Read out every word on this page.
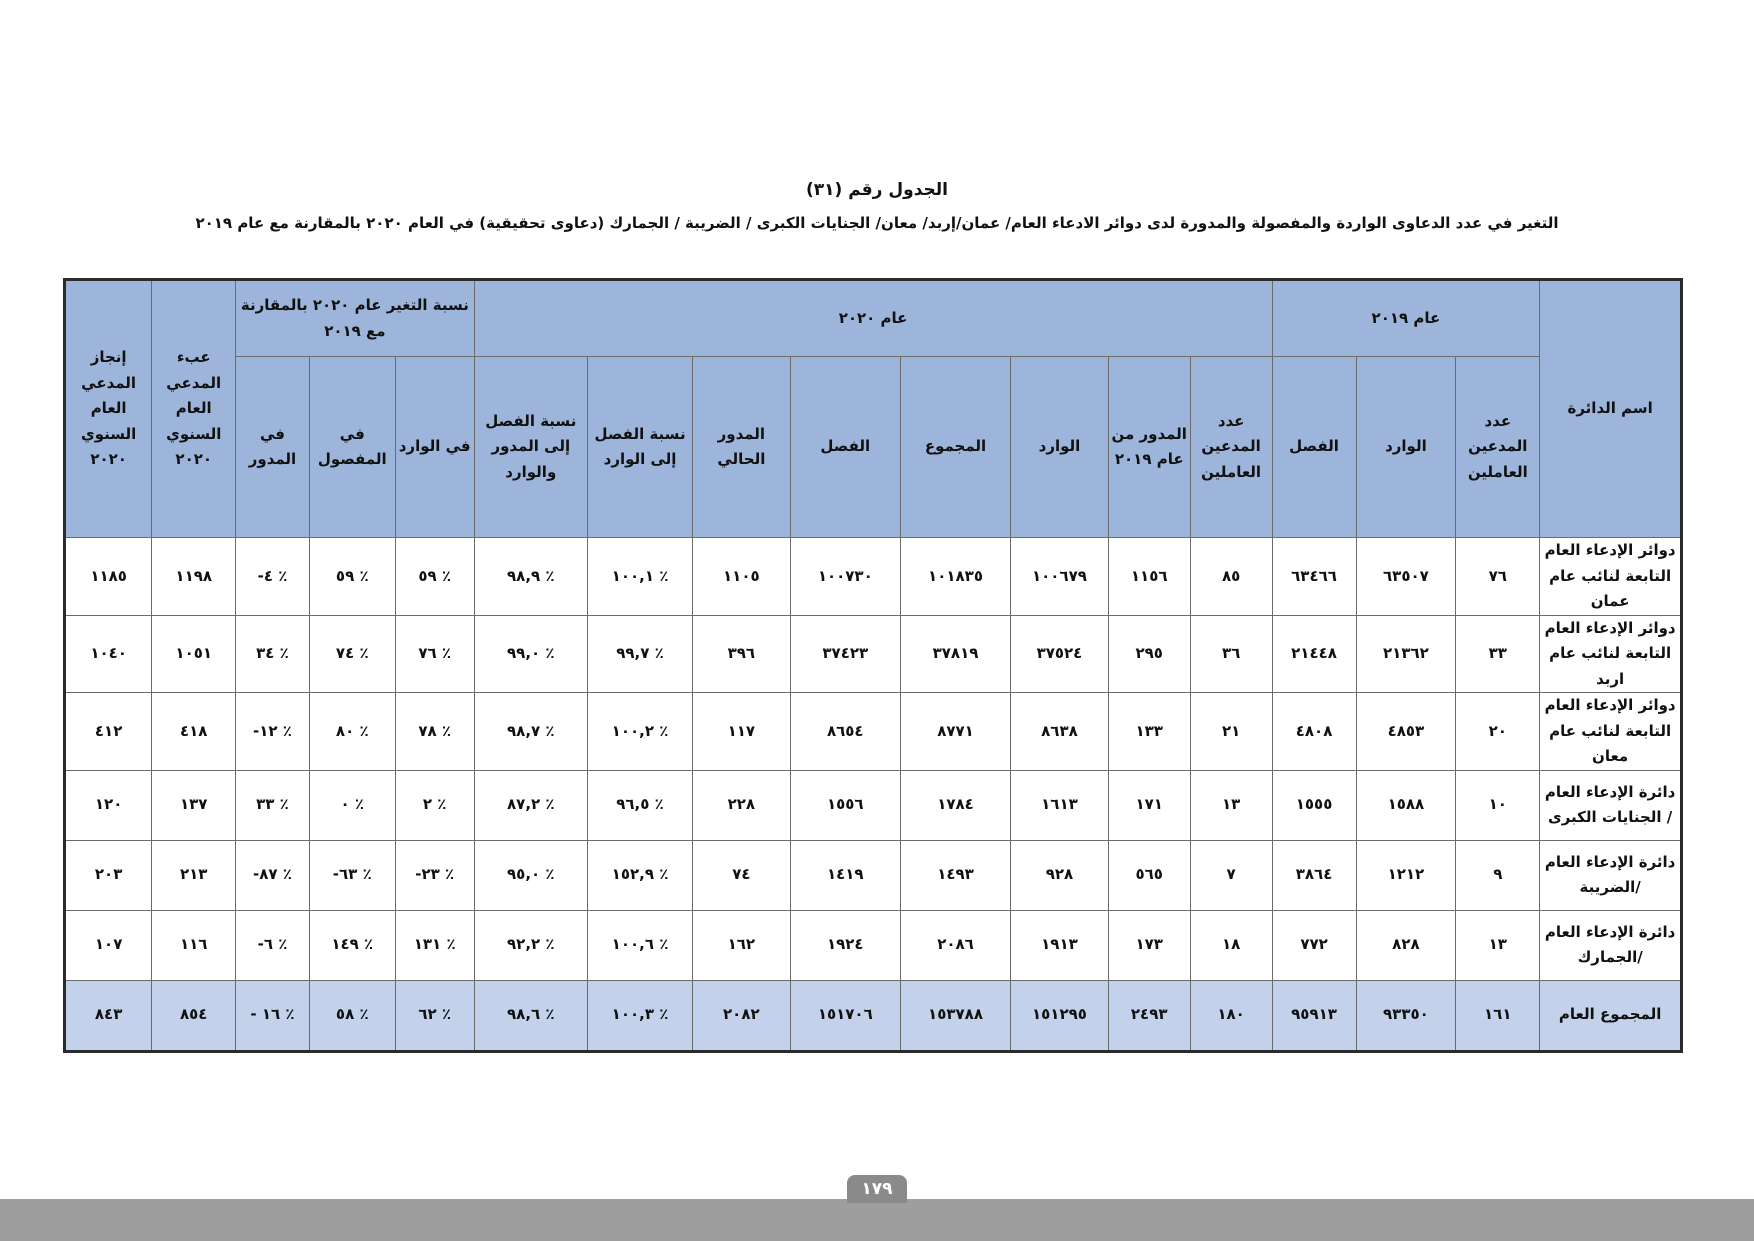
الجدول رقم (٣١)
التغير في عدد الدعاوى الواردة والمفصولة والمدورة لدى دوائر الادعاء العام/ عمان/إربد/ معان/ الجنايات الكبرى / الضريبة / الجمارك (دعاوى تحقيقية) في العام ٢٠٢٠ بالمقارنة مع عام ٢٠١٩
اسم الدائرة	عام ٢٠١٩			عام ٢٠٢٠								نسبة التغير عام ٢٠٢٠ بالمقارنة مع ٢٠١٩			عبء المدعي العام السنوي ٢٠٢٠	إنجاز المدعي العام السنوي ٢٠٢٠
	عدد المدعين العاملين	الوارد	الفصل	عدد المدعين العاملين	المدور من عام ٢٠١٩	الوارد	المجموع	الفصل	المدور الحالي	نسبة الفصل إلى الوارد	نسبة الفصل إلى المدور والوارد	في الوارد	في المفصول	في المدور		
دوائر الإدعاء العام التابعة لنائب عام عمان	٧٦	٦٣٥٠٧	٦٣٤٦٦	٨٥	١١٥٦	١٠٠٦٧٩	١٠١٨٣٥	١٠٠٧٣٠	١١٠٥	٪ ١٠٠,١	٪ ٩٨,٩	٪ ٥٩	٪ ٥٩	٪ ٤-	١١٩٨	١١٨٥
دوائر الإدعاء العام التابعة لنائب عام اربد	٣٣	٢١٣٦٢	٢١٤٤٨	٣٦	٢٩٥	٣٧٥٢٤	٣٧٨١٩	٣٧٤٢٣	٣٩٦	٪ ٩٩,٧	٪ ٩٩,٠	٪ ٧٦	٪ ٧٤	٪ ٣٤	١٠٥١	١٠٤٠
دوائر الإدعاء العام التابعة لنائب عام معان	٢٠	٤٨٥٣	٤٨٠٨	٢١	١٣٣	٨٦٣٨	٨٧٧١	٨٦٥٤	١١٧	٪ ١٠٠,٢	٪ ٩٨,٧	٪ ٧٨	٪ ٨٠	٪ ١٢-	٤١٨	٤١٢
دائرة الإدعاء العام / الجنايات الكبرى	١٠	١٥٨٨	١٥٥٥	١٣	١٧١	١٦١٣	١٧٨٤	١٥٥٦	٢٢٨	٪ ٩٦,٥	٪ ٨٧,٢	٪ ٢	٪ ٠	٪ ٣٣	١٣٧	١٢٠
دائرة الإدعاء العام /الضريبة	٩	١٢١٢	٣٨٦٤	٧	٥٦٥	٩٢٨	١٤٩٣	١٤١٩	٧٤	٪ ١٥٢,٩	٪ ٩٥,٠	٪ ٢٣-	٪ ٦٣-	٪ ٨٧-	٢١٣	٢٠٣
دائرة الإدعاء العام /الجمارك	١٣	٨٢٨	٧٧٢	١٨	١٧٣	١٩١٣	٢٠٨٦	١٩٢٤	١٦٢	٪ ١٠٠,٦	٪ ٩٢,٢	٪ ١٣١	٪ ١٤٩	٪ ٦-	١١٦	١٠٧
المجموع العام	١٦١	٩٣٣٥٠	٩٥٩١٣	١٨٠	٢٤٩٣	١٥١٢٩٥	١٥٣٧٨٨	١٥١٧٠٦	٢٠٨٢	٪ ١٠٠,٣	٪ ٩٨,٦	٪ ٦٢	٪ ٥٨	٪ ١٦ -	٨٥٤	٨٤٣
١٧٩
